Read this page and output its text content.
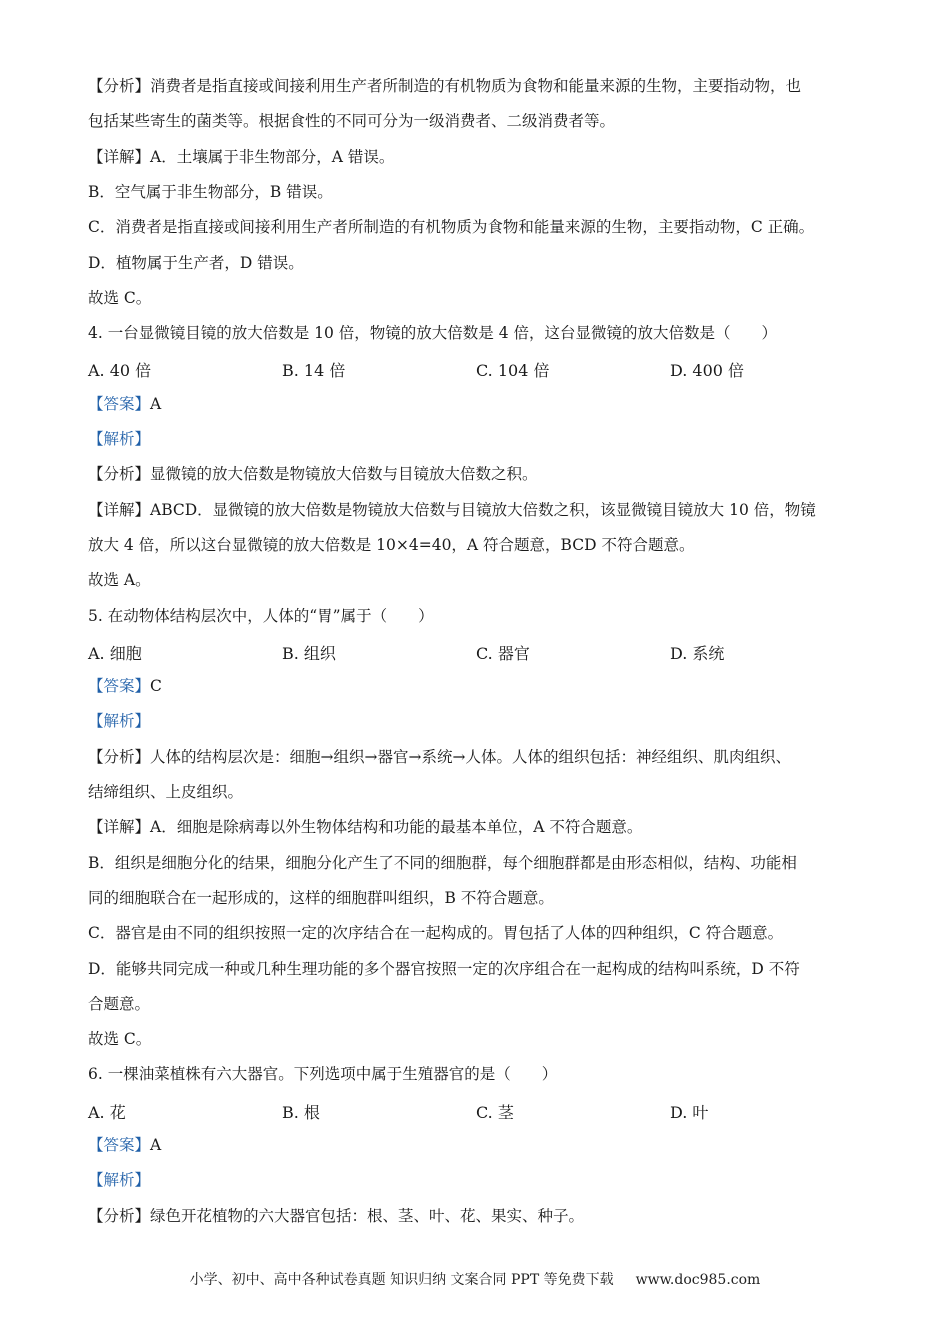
【分析】消费者是指直接或间接利用生产者所制造的有机物质为食物和能量来源的生物，主要指动物，也
包括某些寄生的菌类等。根据食性的不同可分为一级消费者、二级消费者等。
【详解】A．土壤属于非生物部分，A 错误。
B．空气属于非生物部分，B 错误。
C．消费者是指直接或间接利用生产者所制造的有机物质为食物和能量来源的生物，主要指动物，C 正确。
D．植物属于生产者，D 错误。
故选 C。
4. 一台显微镜目镜的放大倍数是 10 倍，物镜的放大倍数是 4 倍，这台显微镜的放大倍数是（　　）
A. 40 倍	B. 14 倍	C. 104 倍	D. 400 倍
【答案】A
【解析】
【分析】显微镜的放大倍数是物镜放大倍数与目镜放大倍数之积。
【详解】ABCD．显微镜的放大倍数是物镜放大倍数与目镜放大倍数之积，该显微镜目镜放大 10 倍，物镜
放大 4 倍，所以这台显微镜的放大倍数是 10×4=40，A 符合题意，BCD 不符合题意。
故选 A。
5. 在动物体结构层次中，人体的“胃”属于（　　）
A. 细胞	B. 组织	C. 器官	D. 系统
【答案】C
【解析】
【分析】人体的结构层次是：细胞→组织→器官→系统→人体。人体的组织包括：神经组织、肌肉组织、
结缔组织、上皮组织。
【详解】A．细胞是除病毒以外生物体结构和功能的最基本单位，A 不符合题意。
B．组织是细胞分化的结果，细胞分化产生了不同的细胞群，每个细胞群都是由形态相似，结构、功能相
同的细胞联合在一起形成的，这样的细胞群叫组织，B 不符合题意。
C．器官是由不同的组织按照一定的次序结合在一起构成的。胃包括了人体的四种组织，C 符合题意。
D．能够共同完成一种或几种生理功能的多个器官按照一定的次序组合在一起构成的结构叫系统，D 不符
合题意。
故选 C。
6. 一棵油菜植株有六大器官。下列选项中属于生殖器官的是（　　）
A. 花	B. 根	C. 茎	D. 叶
【答案】A
【解析】
【分析】绿色开花植物的六大器官包括：根、茎、叶、花、果实、种子。
小学、初中、高中各种试卷真题 知识归纳 文案合同 PPT 等免费下载 www.doc985.com
